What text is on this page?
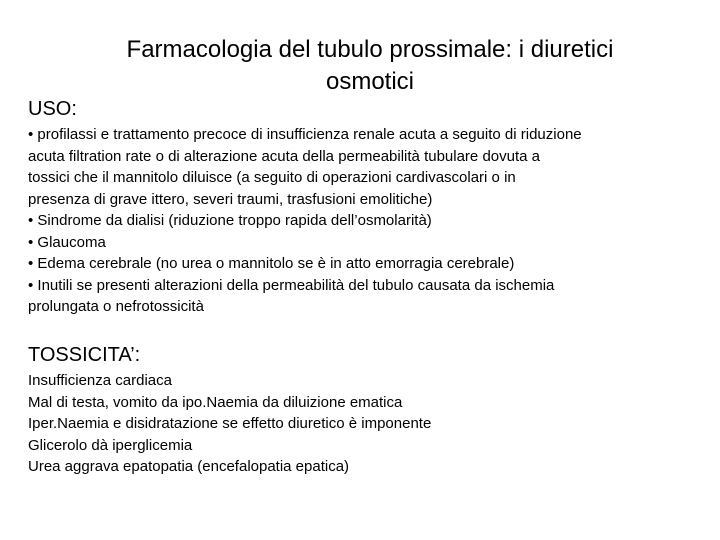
Farmacologia del tubulo prossimale: i diuretici
osmotici
USO:
• profilassi e trattamento precoce di insufficienza renale acuta a seguito di riduzione
acuta filtration rate o di alterazione acuta della permeabilità tubulare dovuta a
tossici che il mannitolo diluisce (a seguito di operazioni cardivascolari o in
presenza di grave ittero, severi traumi, trasfusioni emolitiche)
• Sindrome da dialisi (riduzione troppo rapida dell’osmolarità)
• Glaucoma
• Edema cerebrale (no urea o mannitolo se è in atto emorragia cerebrale)
• Inutili se presenti alterazioni della permeabilità del tubulo causata da ischemia
prolungata o nefrotossicità
TOSSICITA’:
Insufficienza cardiaca
Mal di testa, vomito da ipo.Naemia da diluizione ematica
Iper.Naemia e disidratazione se effetto diuretico è imponente
Glicerolo dà iperglicemia
Urea aggrava epatopatia (encefalopatia epatica)
